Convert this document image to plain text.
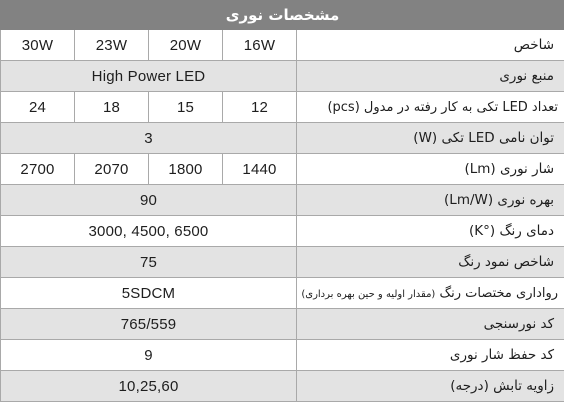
مشخصات نوری				
30W	23W	20W	16W	شاخص
High Power LED				منبع نوری
24	18	15	12	تعداد LED تکی به کار رفته در مدول (pcs)
3				توان نامی LED تکی (W)
2700	2070	1800	1440	شار نوری (Lm)
90				بهره نوری (Lm/W)
3000, 4500, 6500				دمای رنگ (°K)
75				شاخص نمود رنگ
5SDCM				رواداری مختصات رنگ (مقدار اولیه و حین بهره برداری)
765/559				کد نورسنجی
9				کد حفظ شار نوری
10,25,60				زاویه تابش (درجه)
